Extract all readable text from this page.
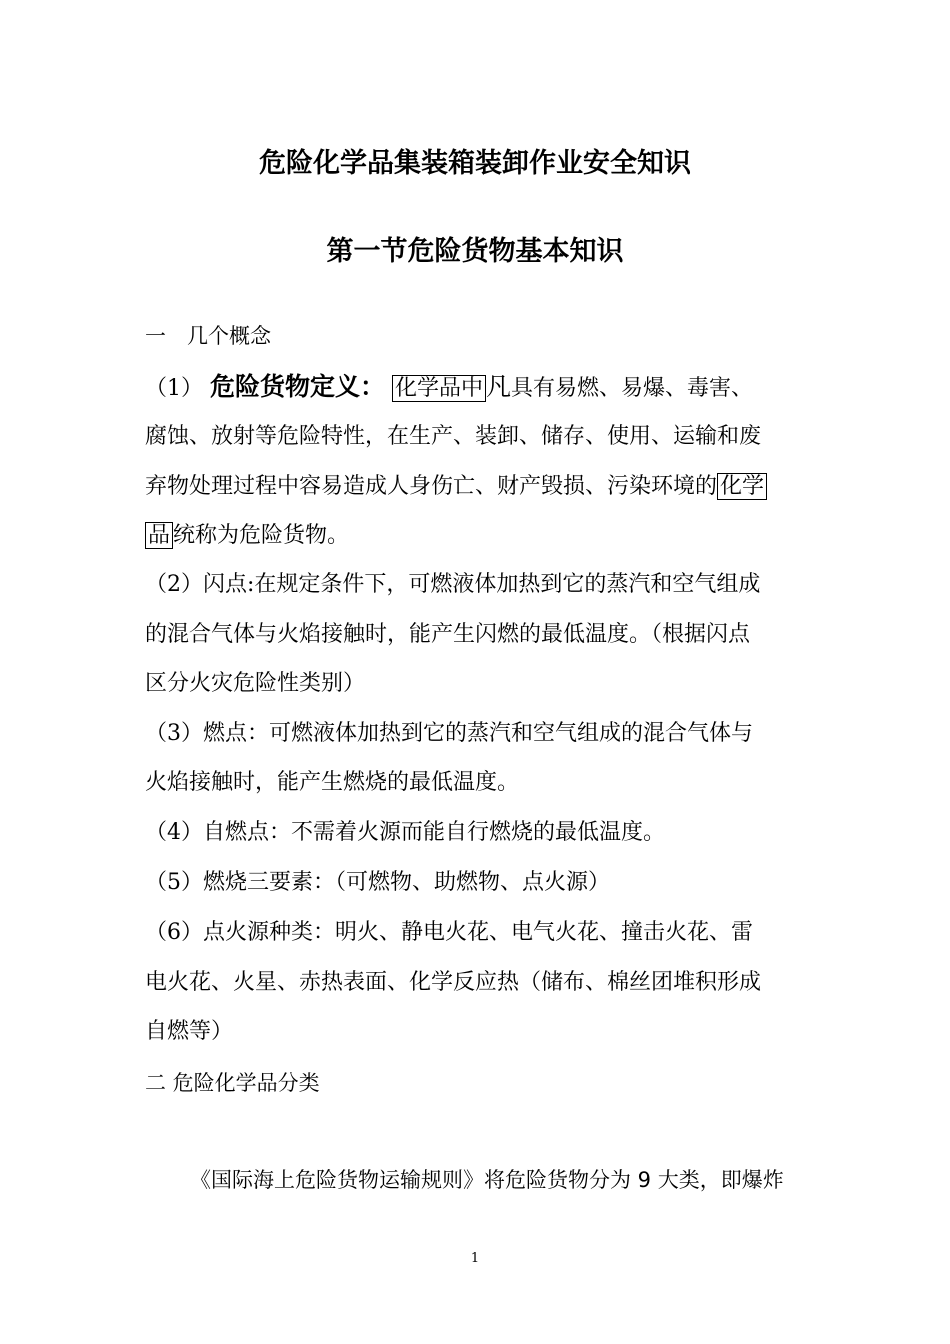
危险化学品集装箱装卸作业安全知识
第一节危险货物基本知识
一　几个概念
（1） 危险货物定义： 化学品中 凡具有易燃、易爆、毒害、
腐蚀、放射等危险特性，在生产、装卸、储存、使用、运输和废
弃物处理过程中容易造成人身伤亡、财产毁损、污染环境的 化学
品 统称为危险货物。
（2）闪点:在规定条件下，可燃液体加热到它的蒸汽和空气组成
的混合气体与火焰接触时，能产生闪燃的最低温度。（根据闪点
区分火灾危险性类别）
（3）燃点：可燃液体加热到它的蒸汽和空气组成的混合气体与
火焰接触时，能产生燃烧的最低温度。
（4）自燃点：不需着火源而能自行燃烧的最低温度。
（5）燃烧三要素：（可燃物、助燃物、点火源）
（6）点火源种类：明火、静电火花、电气火花、撞击火花、雷
电火花、火星、赤热表面、化学反应热（储布、棉丝团堆积形成
自燃等）
二 危险化学品分类
《国际海上危险货物运输规则》将危险货物分为 9 大类，即爆炸
1
